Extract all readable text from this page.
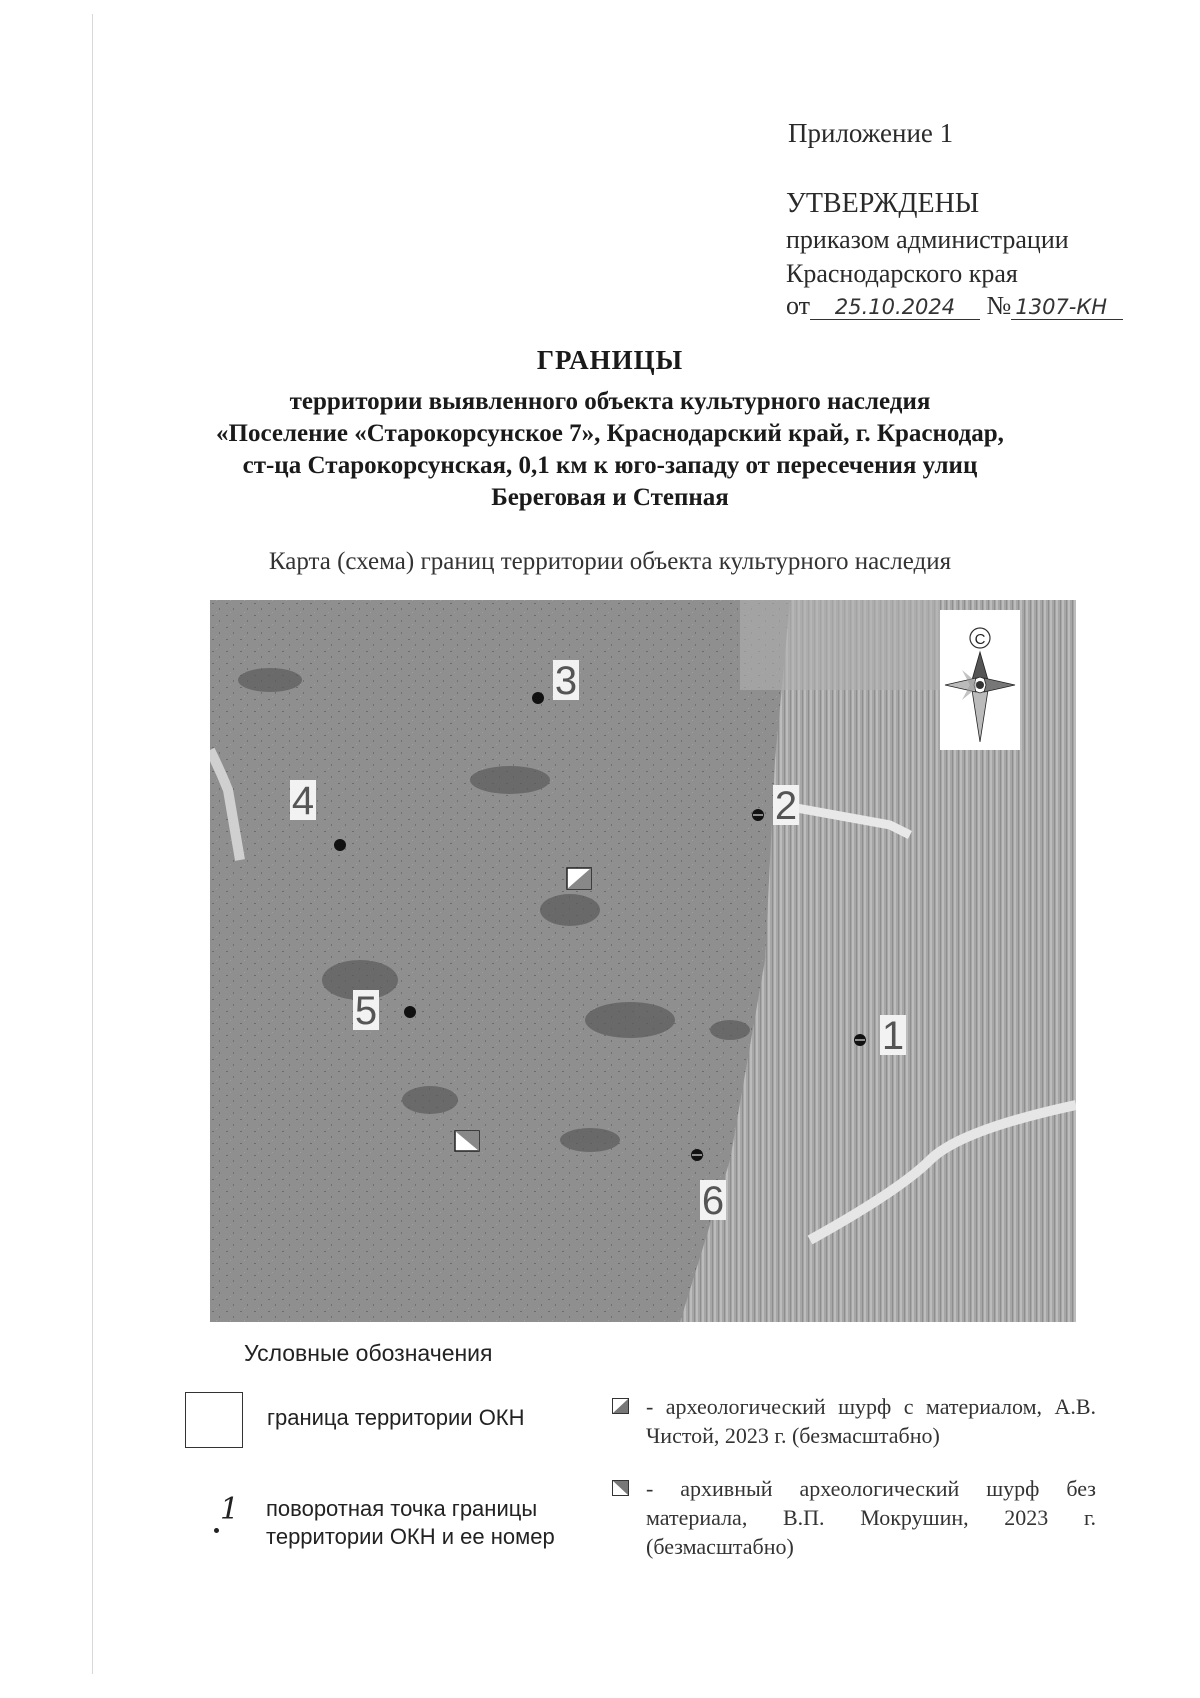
Приложение 1
УТВЕРЖДЕНЫ
приказом администрации
Краснодарского края
от 25.10.2024 № 1307-КН
ГРАНИЦЫ
территории выявленного объекта культурного наследия
«Поселение «Старокорсунское 7», Краснодарский край, г. Краснодар,
ст-ца Старокорсунская, 0,1 км к юго-западу от пересечения улиц
Береговая и Степная
Карта (схема) границ территории объекта культурного наследия
С
1
2
3
4
5
6
Условные обозначения
граница территории ОКН
1 поворотная точка границы
территории ОКН и ее номер
- археологический шурф с материалом, А.В. Чистой, 2023 г. (безмасштабно)
- архивный археологический шурф без материала, В.П. Мокрушин, 2023 г. (безмасштабно)
